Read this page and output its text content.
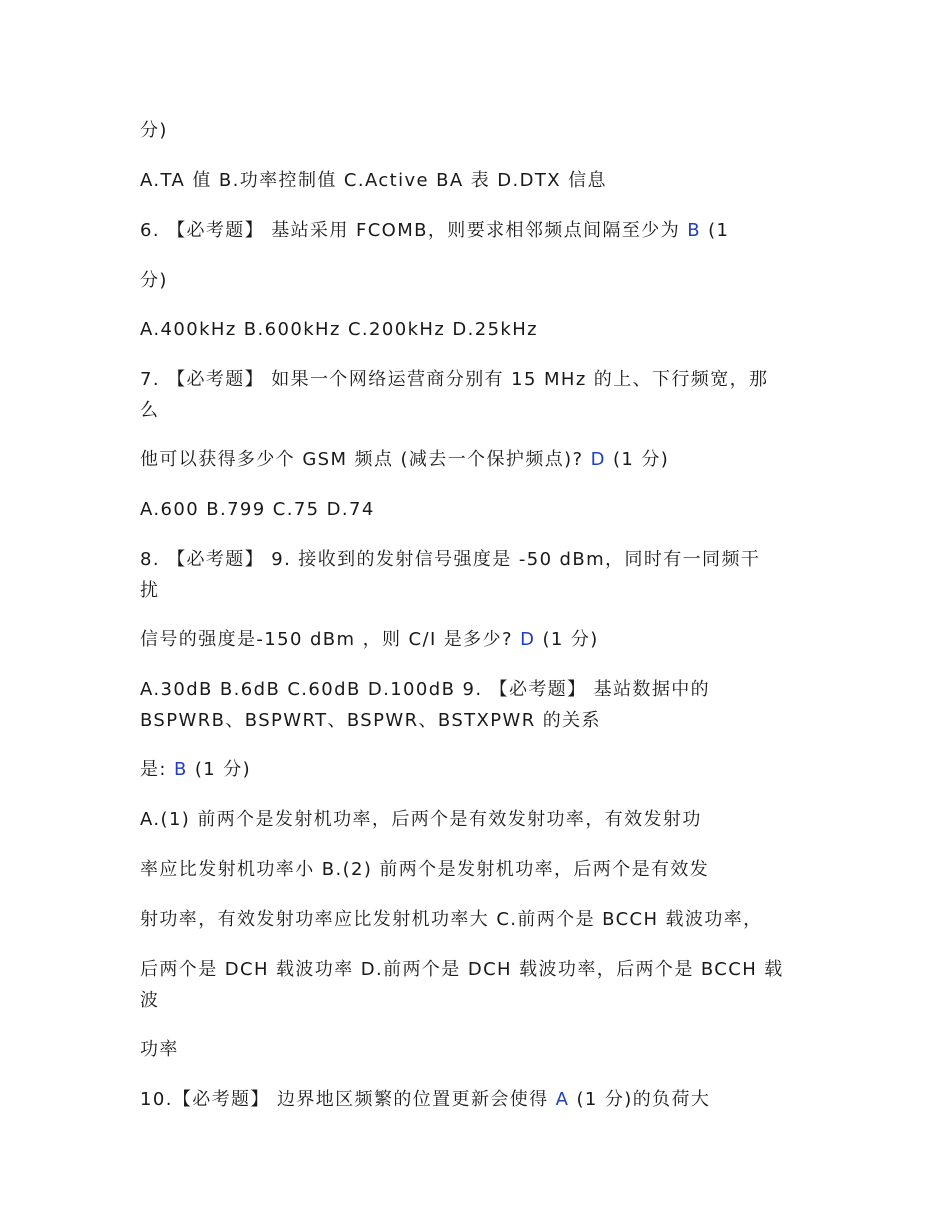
分)
A.TA 值 B.功率控制值 C.Active BA 表 D.DTX 信息
6. 【必考题】 基站采用 FCOMB，则要求相邻频点间隔至少为 B (1
分)
A.400kHz B.600kHz C.200kHz D.25kHz
7. 【必考题】 如果一个网络运营商分别有 15 MHz 的上、下行频宽，那
么
他可以获得多少个 GSM 频点 (减去一个保护频点)? D (1 分)
A.600 B.799 C.75 D.74
8. 【必考题】 9. 接收到的发射信号强度是 -50 dBm，同时有一同频干
扰
信号的强度是-150 dBm ，则 C/I 是多少? D (1 分)
A.30dB B.6dB C.60dB D.100dB 9. 【必考题】 基站数据中的
BSPWRB、BSPWRT、BSPWR、BSTXPWR 的关系
是: B (1 分)
A.(1) 前两个是发射机功率，后两个是有效发射功率，有效发射功
率应比发射机功率小 B.(2) 前两个是发射机功率，后两个是有效发
射功率，有效发射功率应比发射机功率大 C.前两个是 BCCH 载波功率，
后两个是 DCH 载波功率 D.前两个是 DCH 载波功率，后两个是 BCCH 载
波
功率
10.【必考题】 边界地区频繁的位置更新会使得 A (1 分)的负荷大
